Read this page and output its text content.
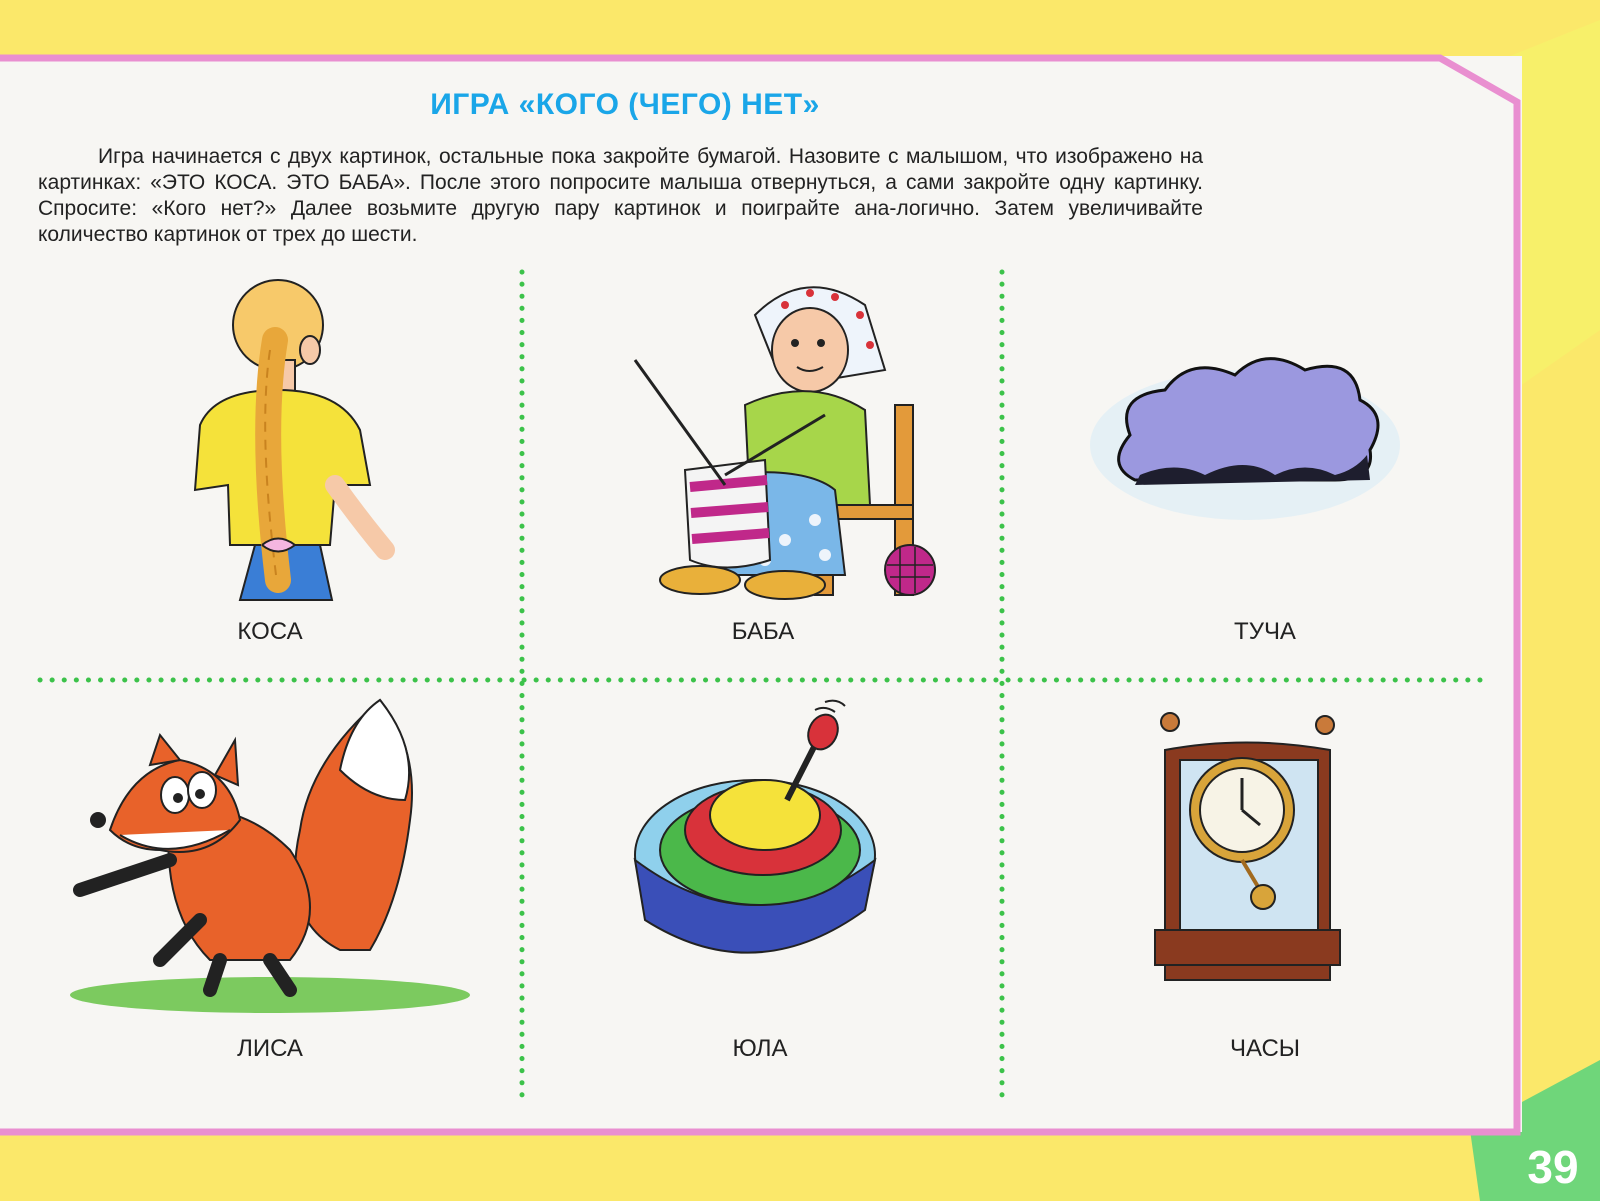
ИГРА «КОГО (ЧЕГО) НЕТ»
Игра начинается с двух картинок, остальные пока закройте бумагой. Назовите с малышом, что изображено на картинках: «ЭТО КОСА. ЭТО БАБА». После этого попросите малыша отвернуться, а сами закройте одну картинку. Спросите: «Кого нет?» Далее возьмите другую пару картинок и поиграйте ана-логично. Затем увеличивайте количество картинок от трех до шести.
КОСА	БАБА	ТУЧА
ЛИСА	ЮЛА	ЧАСЫ
39
